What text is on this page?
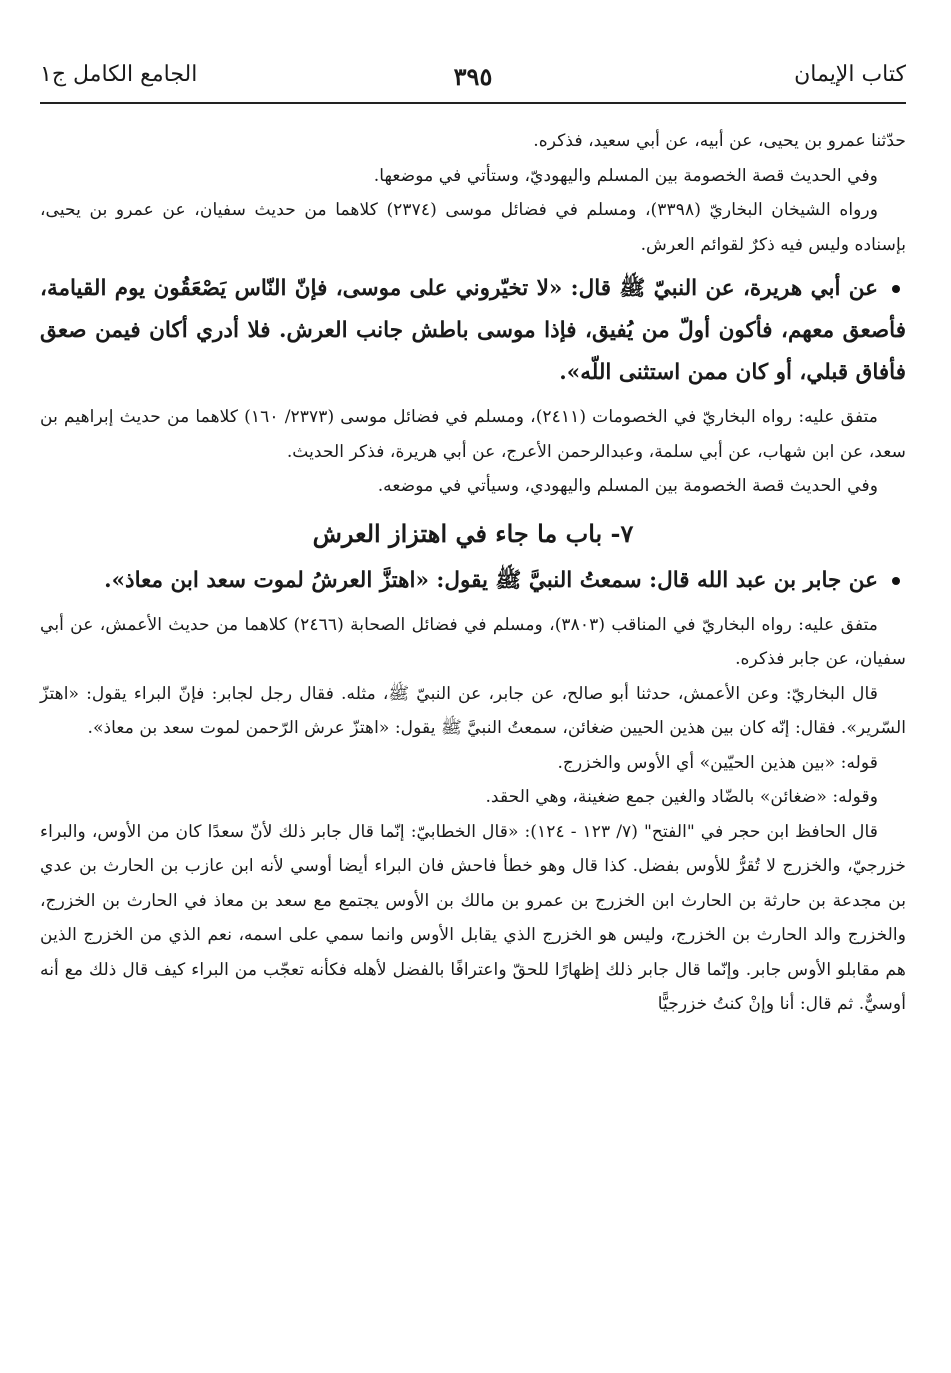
كتاب الإيمان
٣٩٥
الجامع الكامل ج١

حدّثنا عمرو بن يحيى، عن أبيه، عن أبي سعيد، فذكره.

وفي الحديث قصة الخصومة بين المسلم واليهوديّ، وستأتي في موضعها.

ورواه الشيخان البخاريّ (٣٣٩٨)، ومسلم في فضائل موسى (٢٣٧٤) كلاهما من حديث سفيان، عن عمرو بن يحيى، بإسناده وليس فيه ذكرٌ لقوائم العرش.

عن أبي هريرة، عن النبيّ ﷺ قال: «لا تخيّروني على موسى، فإنّ النّاس يَصْعَقُون يوم القيامة، فأصعق معهم، فأكون أولّ من يُفيق، فإذا موسى باطش جانب العرش. فلا أدري أكان فيمن صعق فأفاق قبلي، أو كان ممن استثنى اللّه».

متفق عليه: رواه البخاريّ في الخصومات (٢٤١١)، ومسلم في فضائل موسى (٢٣٧٣/ ١٦٠) كلاهما من حديث إبراهيم بن سعد، عن ابن شهاب، عن أبي سلمة، وعبدالرحمن الأعرج، عن أبي هريرة، فذكر الحديث.

وفي الحديث قصة الخصومة بين المسلم واليهودي، وسيأتي في موضعه.

٧- باب ما جاء في اهتزاز العرش

عن جابر بن عبد الله قال: سمعتُ النبيَّ ﷺ يقول: «اهتزَّ العرشُ لموت سعد ابن معاذ».

متفق عليه: رواه البخاريّ في المناقب (٣٨٠٣)، ومسلم في فضائل الصحابة (٢٤٦٦) كلاهما من حديث الأعمش، عن أبي سفيان، عن جابر فذكره.

قال البخاريّ: وعن الأعمش، حدثنا أبو صالح، عن جابر، عن النبيّ ﷺ، مثله. فقال رجل لجابر: فإنّ البراء يقول: «اهتزّ السّرير». فقال: إنّه كان بين هذين الحيين ضغائن، سمعتُ النبيَّ ﷺ يقول: «اهتزّ عرش الرّحمن لموت سعد بن معاذ».

قوله: «بين هذين الحيّين» أي الأوس والخزرج.

وقوله: «ضغائن» بالضّاد والغين جمع ضغينة، وهي الحقد.

قال الحافظ ابن حجر في "الفتح" (٧/ ١٢٣ - ١٢٤): «قال الخطابيّ: إنّما قال جابر ذلك لأنّ سعدًا كان من الأوس، والبراء خزرجيّ، والخزرج لا تُقرُّ للأوس بفضل. كذا قال وهو خطأ فاحش فان البراء أيضا أوسي لأنه ابن عازب بن الحارث بن عدي بن مجدعة بن حارثة بن الحارث ابن الخزرج بن عمرو بن مالك بن الأوس يجتمع مع سعد بن معاذ في الحارث بن الخزرج، والخزرج والد الحارث بن الخزرج، وليس هو الخزرج الذي يقابل الأوس وانما سمي على اسمه، نعم الذي من الخزرج الذين هم مقابلو الأوس جابر. وإنّما قال جابر ذلك إظهارًا للحقّ واعترافًا بالفضل لأهله فكأنه تعجّب من البراء كيف قال ذلك مع أنه أوسيٌّ. ثم قال: أنا وإنْ كنتُ خزرجيًّا
